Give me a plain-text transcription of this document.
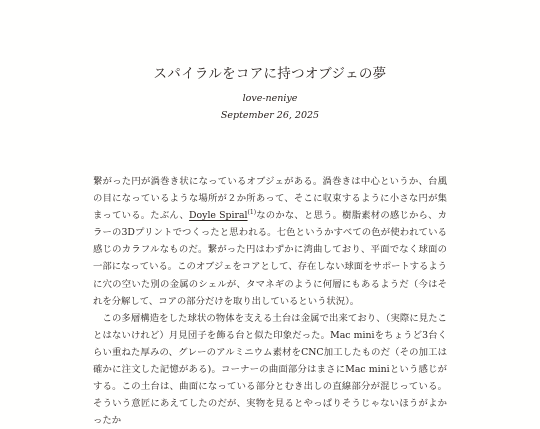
スパイラルをコアに持つオブジェの夢
love-neniye
September 26, 2025

繋がった円が渦巻き状になっているオブジェがある。渦巻きは中心というか、台風の目になっているような場所が２か所あって、そこに収束するように小さな円が集まっている。たぶん、Doyle Spiral$^{(1)}$なのかな、と思う。樹脂素材の感じから、カラーの3Dプリントでつくったと思われる。七色というかすべての色が使われている感じのカラフルなものだ。繋がった円はわずかに湾曲しており、平面でなく球面の一部になっている。このオブジェをコアとして、存在しない球面をサポートするように穴の空いた別の金属のシェルが、タマネギのように何層にもあるようだ（今はそれを分解して、コアの部分だけを取り出しているという状況）。

この多層構造をした球状の物体を支える土台は金属で出来ており、（実際に見たことはないけれど）月見団子を飾る台と似た印象だった。Mac miniをちょうど3台くらい重ねた厚みの、グレーのアルミニウム素材をCNC加工したものだ（その加工は確かに注文した記憶がある)。コーナーの曲面部分はまさにMac miniという感じがする。この土台は、曲面になっている部分とむき出しの直線部分が混じっている。そういう意匠にあえてしたのだが、実物を見るとやっぱりそうじゃないほうがよかったか
